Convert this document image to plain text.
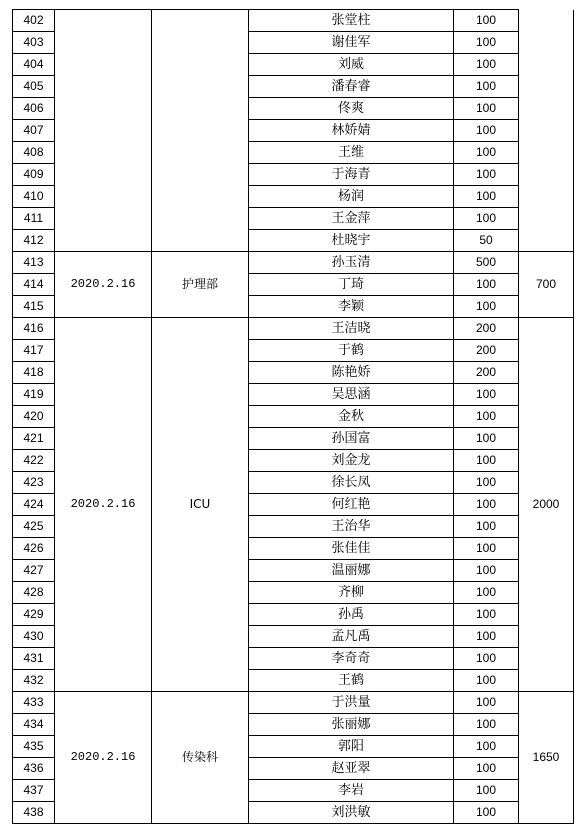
402			张堂柱	100	
403			谢佳军	100	
404			刘威	100	
405			潘春睿	100	
406			佟爽	100	
407			林娇婧	100	
408			王维	100	
409			于海青	100	
410			杨润	100	
411			王金萍	100	
412			杜晓宇	50	
413	2020.2.16	护理部	孙玉清	500	700
414			丁琦	100	
415			李颖	100	
416	2020.2.16	ICU	王洁晓	200	2000
417			于鹤	200	
418			陈艳娇	200	
419			吴思涵	100	
420			金秋	100	
421			孙国富	100	
422			刘金龙	100	
423			徐长凤	100	
424			何红艳	100	
425			王治华	100	
426			张佳佳	100	
427			温丽娜	100	
428			齐柳	100	
429			孙禹	100	
430			孟凡禹	100	
431			李奇奇	100	
432			王鹤	100	
433	2020.2.16	传染科	于洪量	100	1650
434			张丽娜	100	
435			郭阳	100	
436			赵亚翠	100	
437			李岩	100	
438			刘洪敏	100	
